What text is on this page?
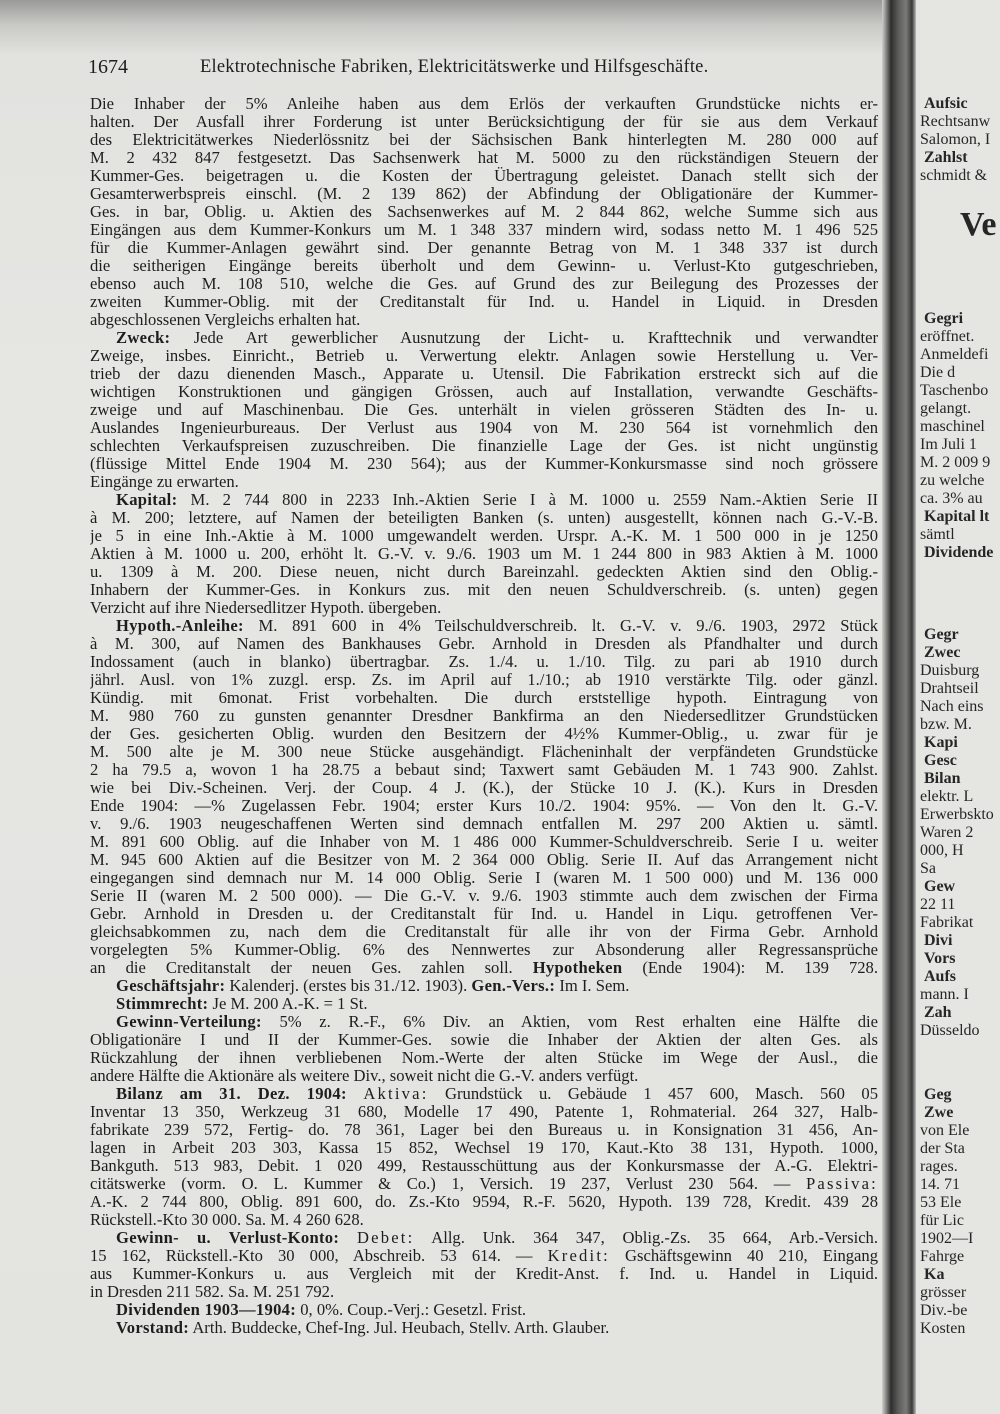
1674	Elektrotechnische Fabriken, Elektricitätswerke und Hilfsgeschäfte.
Die Inhaber der 5% Anleihe haben aus dem Erlös der verkauften Grundstücke nichts er-
halten. Der Ausfall ihrer Forderung ist unter Berücksichtigung der für sie aus dem Verkauf
des Elektricitätwerkes Niederlössnitz bei der Sächsischen Bank hinterlegten M. 280 000 auf
M. 2 432 847 festgesetzt. Das Sachsenwerk hat M. 5000 zu den rückständigen Steuern der
Kummer-Ges. beigetragen u. die Kosten der Übertragung geleistet. Danach stellt sich der
Gesamterwerbspreis einschl. (M. 2 139 862) der Abfindung der Obligationäre der Kummer-
Ges. in bar, Oblig. u. Aktien des Sachsenwerkes auf M. 2 844 862, welche Summe sich aus
Eingängen aus dem Kummer-Konkurs um M. 1 348 337 mindern wird, sodass netto M. 1 496 525
für die Kummer-Anlagen gewährt sind. Der genannte Betrag von M. 1 348 337 ist durch
die seitherigen Eingänge bereits überholt und dem Gewinn- u. Verlust-Kto gutgeschrieben,
ebenso auch M. 108 510, welche die Ges. auf Grund des zur Beilegung des Prozesses der
zweiten Kummer-Oblig. mit der Creditanstalt für Ind. u. Handel in Liquid. in Dresden
abgeschlossenen Vergleichs erhalten hat.
Zweck: Jede Art gewerblicher Ausnutzung der Licht- u. Krafttechnik und verwandter
Zweige, insbes. Einricht., Betrieb u. Verwertung elektr. Anlagen sowie Herstellung u. Ver-
trieb der dazu dienenden Masch., Apparate u. Utensil. Die Fabrikation erstreckt sich auf die
wichtigen Konstruktionen und gängigen Grössen, auch auf Installation, verwandte Geschäfts-
zweige und auf Maschinenbau. Die Ges. unterhält in vielen grösseren Städten des In- u.
Auslandes Ingenieurbureaus. Der Verlust aus 1904 von M. 230 564 ist vornehmlich den
schlechten Verkaufspreisen zuzuschreiben. Die finanzielle Lage der Ges. ist nicht ungünstig
(flüssige Mittel Ende 1904 M. 230 564); aus der Kummer-Konkursmasse sind noch grössere
Eingänge zu erwarten.
Kapital: M. 2 744 800 in 2233 Inh.-Aktien Serie I à M. 1000 u. 2559 Nam.-Aktien Serie II
à M. 200; letztere, auf Namen der beteiligten Banken (s. unten) ausgestellt, können nach G.-V.-B.
je 5 in eine Inh.-Aktie à M. 1000 umgewandelt werden. Urspr. A.-K. M. 1 500 000 in je 1250
Aktien à M. 1000 u. 200, erhöht lt. G.-V. v. 9./6. 1903 um M. 1 244 800 in 983 Aktien à M. 1000
u. 1309 à M. 200. Diese neuen, nicht durch Bareinzahl. gedeckten Aktien sind den Oblig.-
Inhabern der Kummer-Ges. in Konkurs zus. mit den neuen Schuldverschreib. (s. unten) gegen
Verzicht auf ihre Niedersedlitzer Hypoth. übergeben.
Hypoth.-Anleihe: M. 891 600 in 4% Teilschuldverschreib. lt. G.-V. v. 9./6. 1903, 2972 Stück
à M. 300, auf Namen des Bankhauses Gebr. Arnhold in Dresden als Pfandhalter und durch
Indossament (auch in blanko) übertragbar. Zs. 1./4. u. 1./10. Tilg. zu pari ab 1910 durch
jährl. Ausl. von 1% zuzgl. ersp. Zs. im April auf 1./10.; ab 1910 verstärkte Tilg. oder gänzl.
Kündig. mit 6monat. Frist vorbehalten. Die durch erststellige hypoth. Eintragung von
M. 980 760 zu gunsten genannter Dresdner Bankfirma an den Niedersedlitzer Grundstücken
der Ges. gesicherten Oblig. wurden den Besitzern der 4½% Kummer-Oblig., u. zwar für je
M. 500 alte je M. 300 neue Stücke ausgehändigt. Flächeninhalt der verpfändeten Grundstücke
2 ha 79.5 a, wovon 1 ha 28.75 a bebaut sind; Taxwert samt Gebäuden M. 1 743 900. Zahlst.
wie bei Div.-Scheinen. Verj. der Coup. 4 J. (K.), der Stücke 10 J. (K.). Kurs in Dresden
Ende 1904: —% Zugelassen Febr. 1904; erster Kurs 10./2. 1904: 95%. — Von den lt. G.-V.
v. 9./6. 1903 neugeschaffenen Werten sind demnach entfallen M. 297 200 Aktien u. sämtl.
M. 891 600 Oblig. auf die Inhaber von M. 1 486 000 Kummer-Schuldverschreib. Serie I u. weiter
M. 945 600 Aktien auf die Besitzer von M. 2 364 000 Oblig. Serie II. Auf das Arrangement nicht
eingegangen sind demnach nur M. 14 000 Oblig. Serie I (waren M. 1 500 000) und M. 136 000
Serie II (waren M. 2 500 000). — Die G.-V. v. 9./6. 1903 stimmte auch dem zwischen der Firma
Gebr. Arnhold in Dresden u. der Creditanstalt für Ind. u. Handel in Liqu. getroffenen Ver-
gleichsabkommen zu, nach dem die Creditanstalt für alle ihr von der Firma Gebr. Arnhold
vorgelegten 5% Kummer-Oblig. 6% des Nennwertes zur Absonderung aller Regressansprüche
an die Creditanstalt der neuen Ges. zahlen soll. Hypotheken (Ende 1904): M. 139 728.
Geschäftsjahr: Kalenderj. (erstes bis 31./12. 1903). Gen.-Vers.: Im I. Sem.
Stimmrecht: Je M. 200 A.-K. = 1 St.
Gewinn-Verteilung: 5% z. R.-F., 6% Div. an Aktien, vom Rest erhalten eine Hälfte die
Obligationäre I und II der Kummer-Ges. sowie die Inhaber der Aktien der alten Ges. als
Rückzahlung der ihnen verbliebenen Nom.-Werte der alten Stücke im Wege der Ausl., die
andere Hälfte die Aktionäre als weitere Div., soweit nicht die G.-V. anders verfügt.
Bilanz am 31. Dez. 1904: Aktiva: Grundstück u. Gebäude 1 457 600, Masch. 560 05
Inventar 13 350, Werkzeug 31 680, Modelle 17 490, Patente 1, Rohmaterial. 264 327, Halb-
fabrikate 239 572, Fertig- do. 78 361, Lager bei den Bureaus u. in Konsignation 31 456, An-
lagen in Arbeit 203 303, Kassa 15 852, Wechsel 19 170, Kaut.-Kto 38 131, Hypoth. 1000,
Bankguth. 513 983, Debit. 1 020 499, Restausschüttung aus der Konkursmasse der A.-G. Elektri-
citätswerke (vorm. O. L. Kummer & Co.) 1, Versich. 19 237, Verlust 230 564. — Passiva:
A.-K. 2 744 800, Oblig. 891 600, do. Zs.-Kto 9594, R.-F. 5620, Hypoth. 139 728, Kredit. 439 28
Rückstell.-Kto 30 000. Sa. M. 4 260 628.
Gewinn- u. Verlust-Konto: Debet: Allg. Unk. 364 347, Oblig.-Zs. 35 664, Arb.-Versich.
15 162, Rückstell.-Kto 30 000, Abschreib. 53 614. — Kredit: Gschäftsgewinn 40 210, Eingang
aus Kummer-Konkurs u. aus Vergleich mit der Kredit-Anst. f. Ind. u. Handel in Liquid.
in Dresden 211 582. Sa. M. 251 792.
Dividenden 1903—1904: 0, 0%. Coup.-Verj.: Gesetzl. Frist.
Vorstand: Arth. Buddecke, Chef-Ing. Jul. Heubach, Stellv. Arth. Glauber.
Aufsic
Rechtsanw
Salomon, I
Zahlst
schmidt &
Ve
Gegri
eröffnet.
Anmeldefi
Die d
Taschenbo
gelangt.
maschinel
Im Juli 1
M. 2 009 9
zu welche
ca. 3% au
Kapital lt
sämtl
Dividende
Gegr
Zwec
Duisburg
Drahtseil
Nach eins
bzw. M.
Kapi
Gesc
Bilan
elektr. L
Erwerbskto
Waren 2
000, H
Sa
Gew
22 11
Fabrikat
Divi
Vors
Aufs
mann. I
Zah
Düsseldo
Geg
Zwe
von Ele
der Sta
rages.
14. 71
53 Ele
für Lic
1902—I
Fahrge
Ka
grösser
Div.-be
Kosten
